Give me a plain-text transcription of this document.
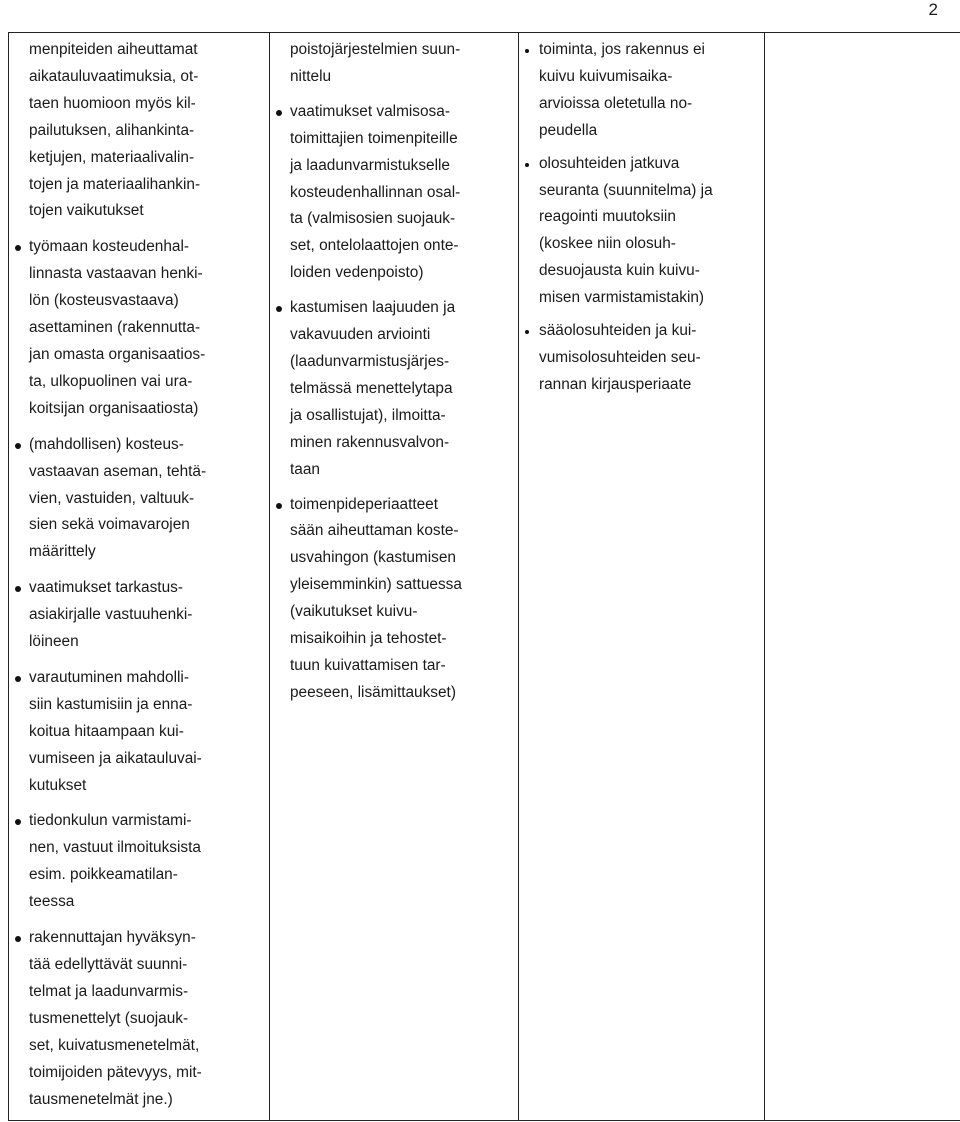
2

menpiteiden aiheuttamat
aikatauluvaatimuksia, ot-
taen huomioon myös kil-
pailutuksen, alihankinta-
ketjujen, materiaalivalin-
tojen ja materiaalihankin-
tojen vaikutukset

työmaan kosteudenhal-
linnasta vastaavan henki-
lön (kosteusvastaava)
asettaminen (rakennutta-
jan omasta organisaatios-
ta, ulkopuolinen vai ura-
koitsijan organisaatiosta)
(mahdollisen) kosteus-
vastaavan aseman, tehtä-
vien, vastuiden, valtuuk-
sien sekä voimavarojen
määrittely
vaatimukset tarkastus-
asiakirjalle vastuuhenki-
löineen
varautuminen mahdolli-
siin kastumisiin ja enna-
koitua hitaampaan kui-
vumiseen ja aikatauluvai-
kutukset
tiedonkulun varmistami-
nen, vastuut ilmoituksista
esim. poikkeamatilan-
teessa
rakennuttajan hyväksyn-
tää edellyttävät suunni-
telmat ja laadunvarmis-
tusmenettelyt (suojauk-
set, kuivatusmenetelmät,
toimijoiden pätevyys, mit-
tausmenetelmät jne.)

poistojärjestelmien suun-
nittelu

vaatimukset valmisosa-
toimittajien toimenpiteille
ja laadunvarmistukselle
kosteudenhallinnan osal-
ta (valmisosien suojauk-
set, ontelolaattojen onte-
loiden vedenpoisto)
kastumisen laajuuden ja
vakavuuden arviointi
(laadunvarmistusjärjes-
telmässä menettelytapa
ja osallistujat), ilmoitta-
minen rakennusvalvon-
taan
toimenpideperiaatteet
sään aiheuttaman koste-
usvahingon (kastumisen
yleisemminkin) sattuessa
(vaikutukset kuivu-
misaikoihin ja tehostet-
tuun kuivattamisen tar-
peeseen, lisämittaukset)

toiminta, jos rakennus ei
kuivu kuivumisaika-
arvioissa oletetulla no-
peudella
olosuhteiden jatkuva
seuranta (suunnitelma) ja
reagointi muutoksiin
(koskee niin olosuh-
desuojausta kuin kuivu-
misen varmistamistakin)
sääolosuhteiden ja kui-
vumisolosuhteiden seu-
rannan kirjausperiaate
